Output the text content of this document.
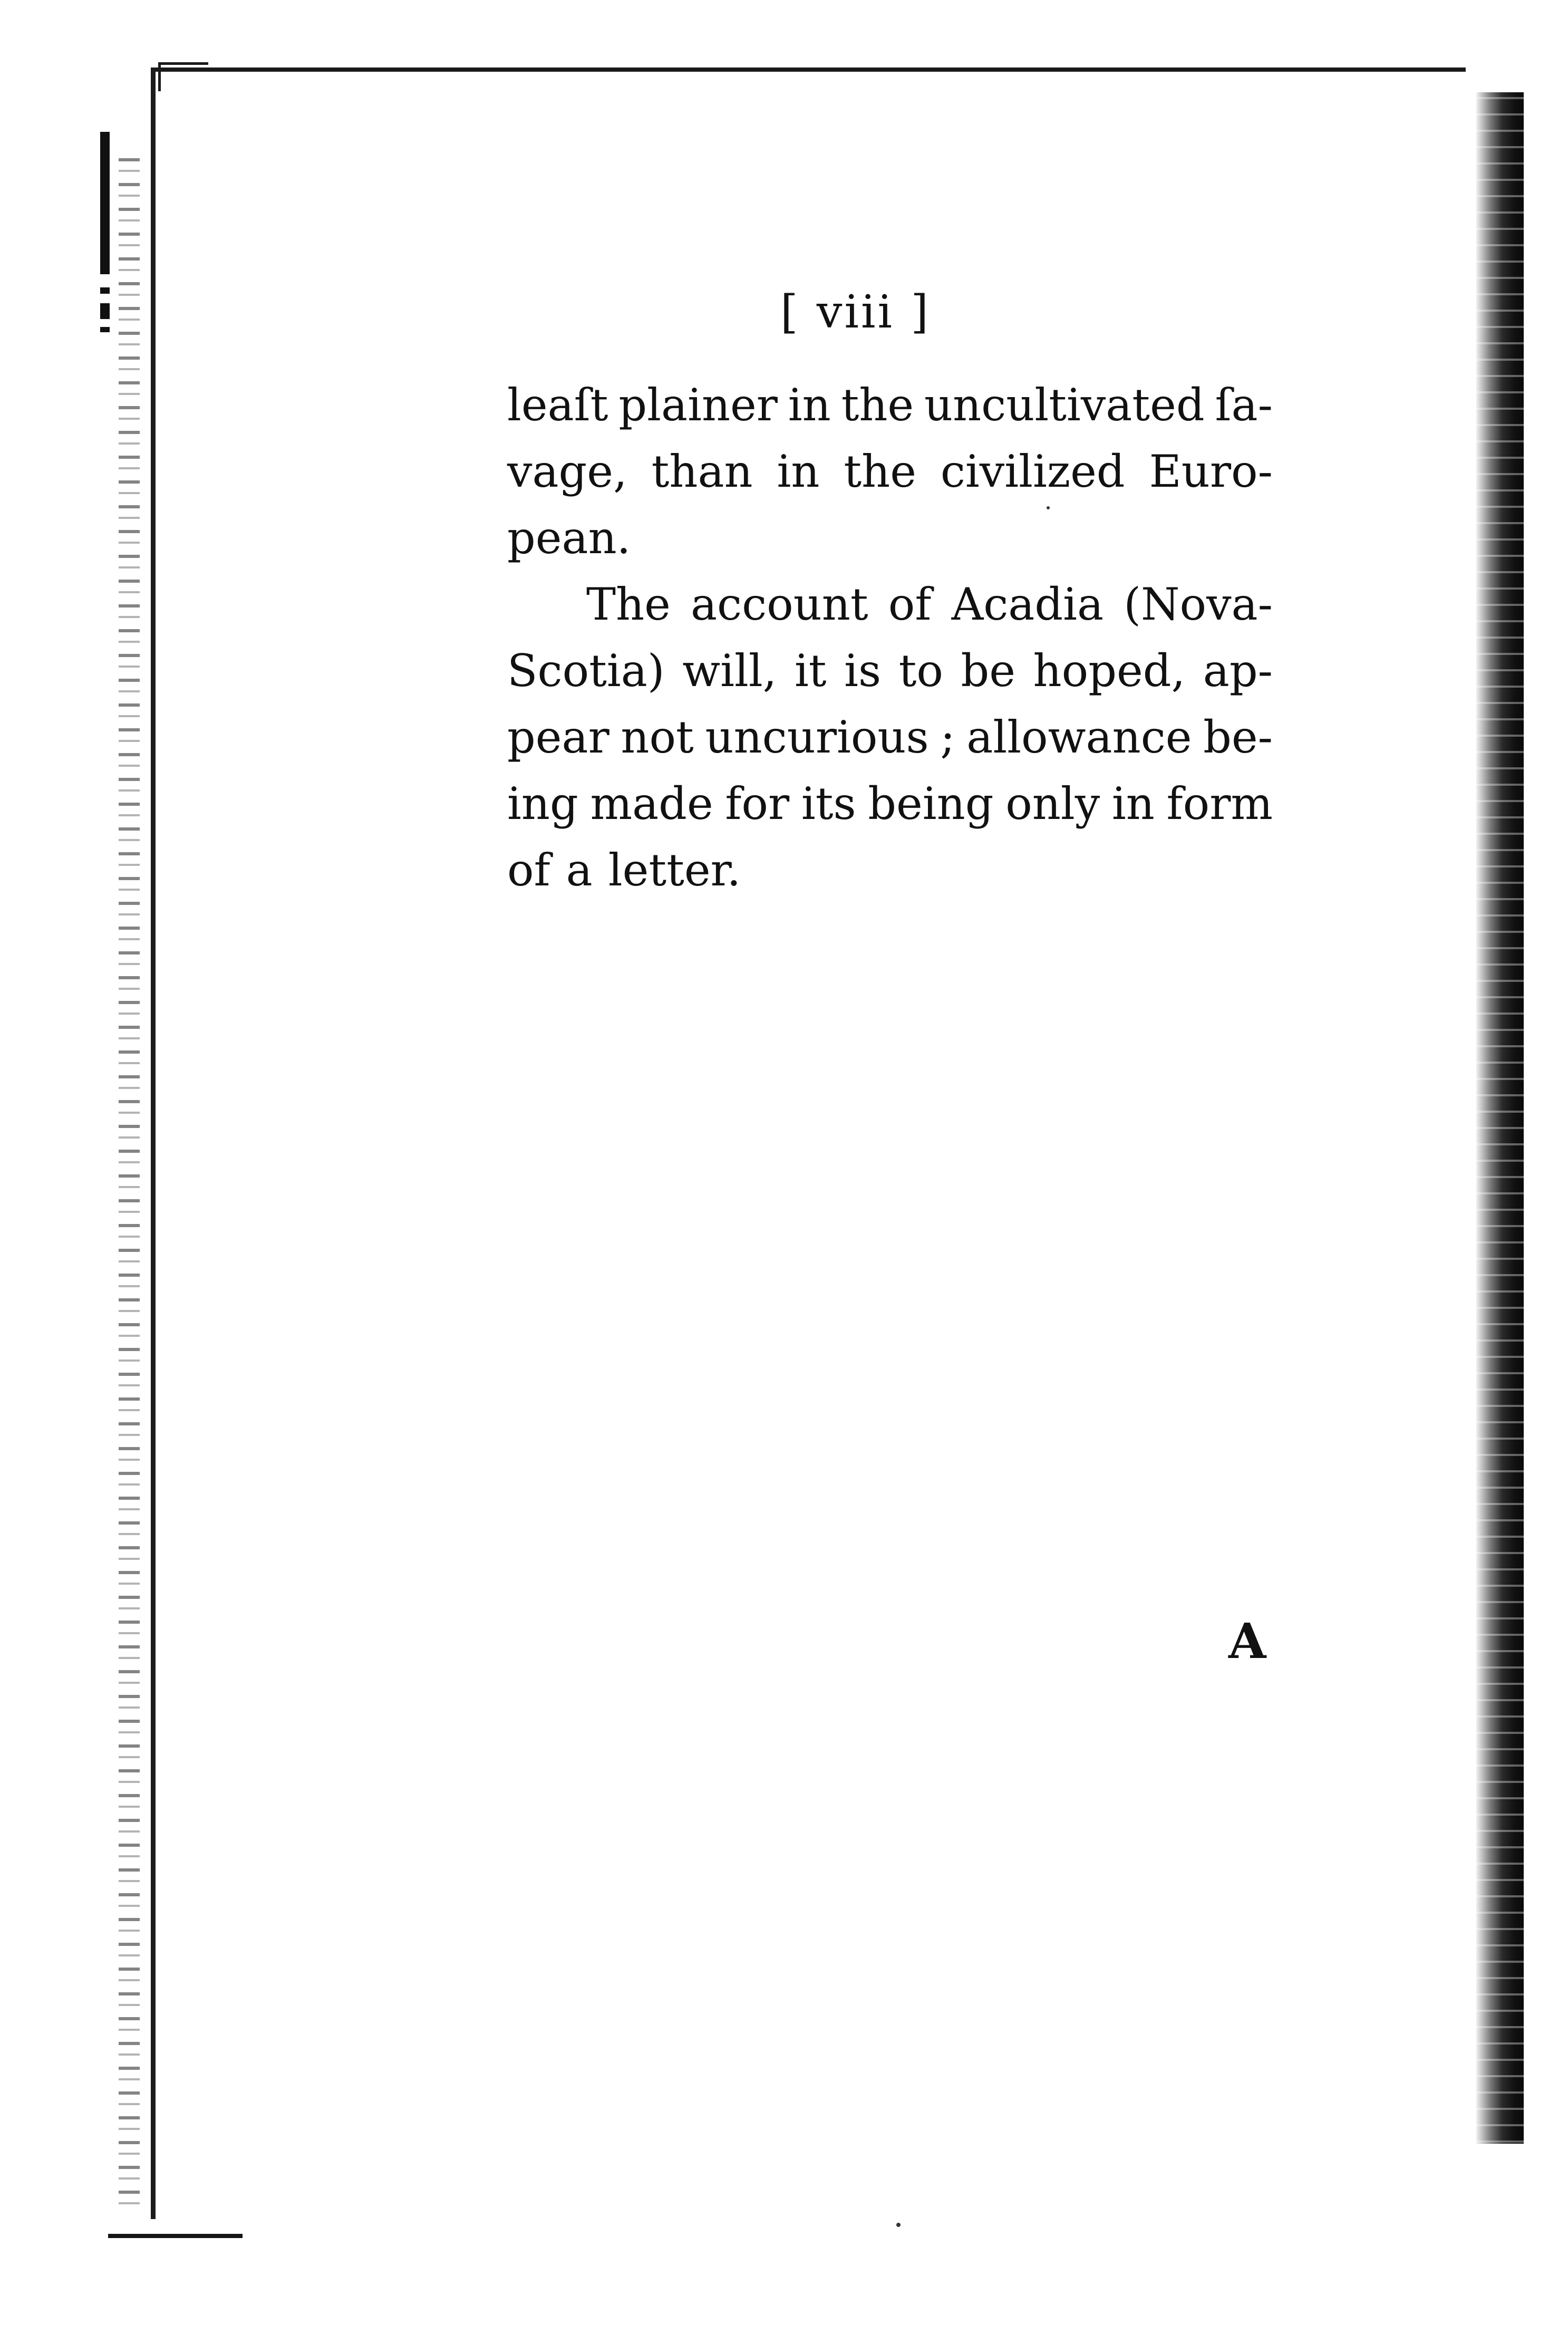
[ viii ]
leaſt plainer in the uncultivated ſa-
vage, than in the civilized Euro-
pean.
The account of Acadia (Nova-
Scotia) will, it is to be hoped, ap-
pear not uncurious ; allowance be-
ing made for its being only in form
of a letter.
A
